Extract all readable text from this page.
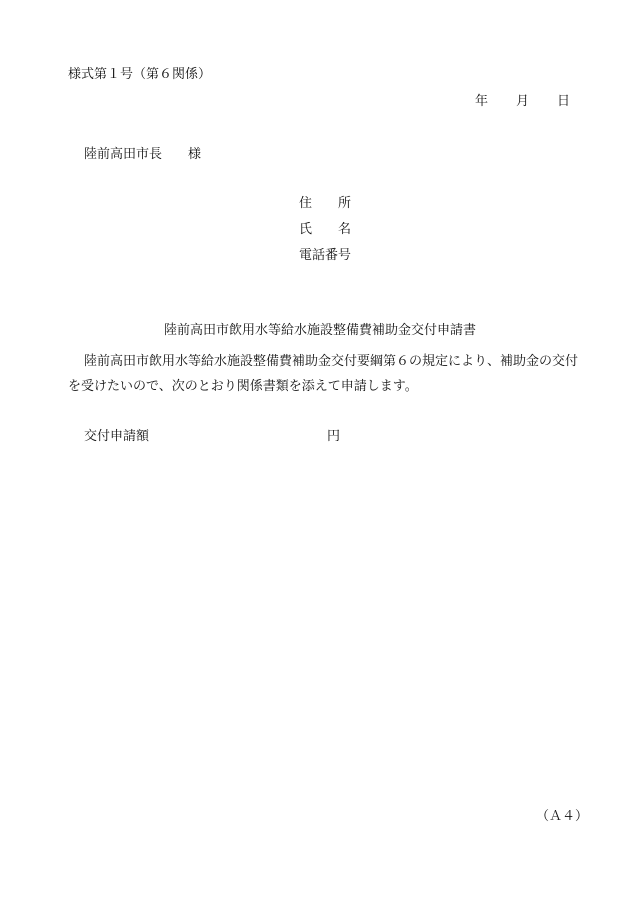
様式第１号（第６関係）
年 月 日
陸前高田市長 様
住 所
氏 名
電話番号
陸前高田市飲用水等給水施設整備費補助金交付申請書
陸前高田市飲用水等給水施設整備費補助金交付要綱第６の規定により、補助金の交付を受けたいので、次のとおり関係書類を添えて申請します。
交付申請額	円
（Ａ４）
